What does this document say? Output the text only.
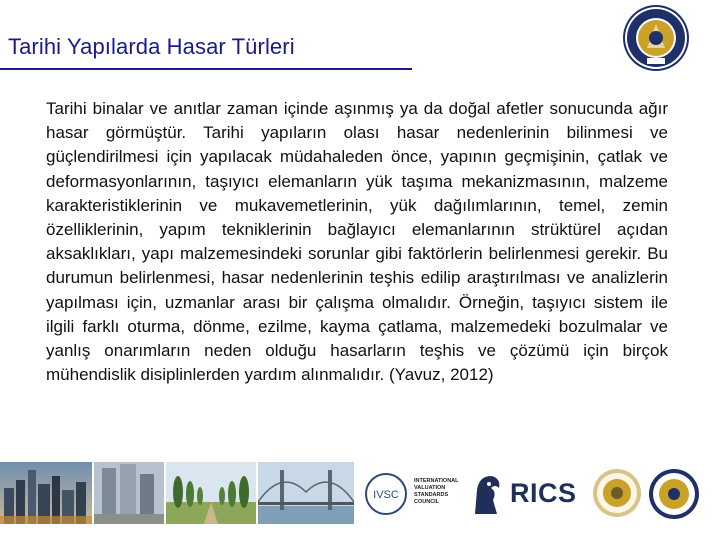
Tarihi Yapılarda Hasar Türleri
Tarihi binalar ve anıtlar zaman içinde aşınmış ya da doğal afetler sonucunda ağır hasar görmüştür. Tarihi yapıların olası hasar nedenlerinin bilinmesi ve güçlendirilmesi için yapılacak müdahaleden önce, yapının geçmişinin, çatlak ve deformasyonlarının, taşıyıcı elemanların yük taşıma mekanizmasının, malzeme karakteristiklerinin ve mukavemetlerinin, yük dağılımlarının, temel, zemin özelliklerinin, yapım tekniklerinin bağlayıcı elemanlarının strüktürel açıdan aksaklıkları, yapı malzemesindeki sorunlar gibi faktörlerin belirlenmesi gerekir. Bu durumun belirlenmesi, hasar nedenlerinin teşhis edilip araştırılması ve analizlerin yapılması için, uzmanlar arası bir çalışma olmalıdır. Örneğin, taşıyıcı sistem ile ilgili farklı oturma, dönme, ezilme, kayma çatlama, malzemedeki bozulmalar ve yanlış onarımların neden olduğu hasarların teşhis ve çözümü için birçok mühendislik disiplinlerden yardım alınmalıdır. (Yavuz, 2012)
IVSC
INTERNATIONAL
VALUATION
STANDARDS
COUNCIL	RICS
